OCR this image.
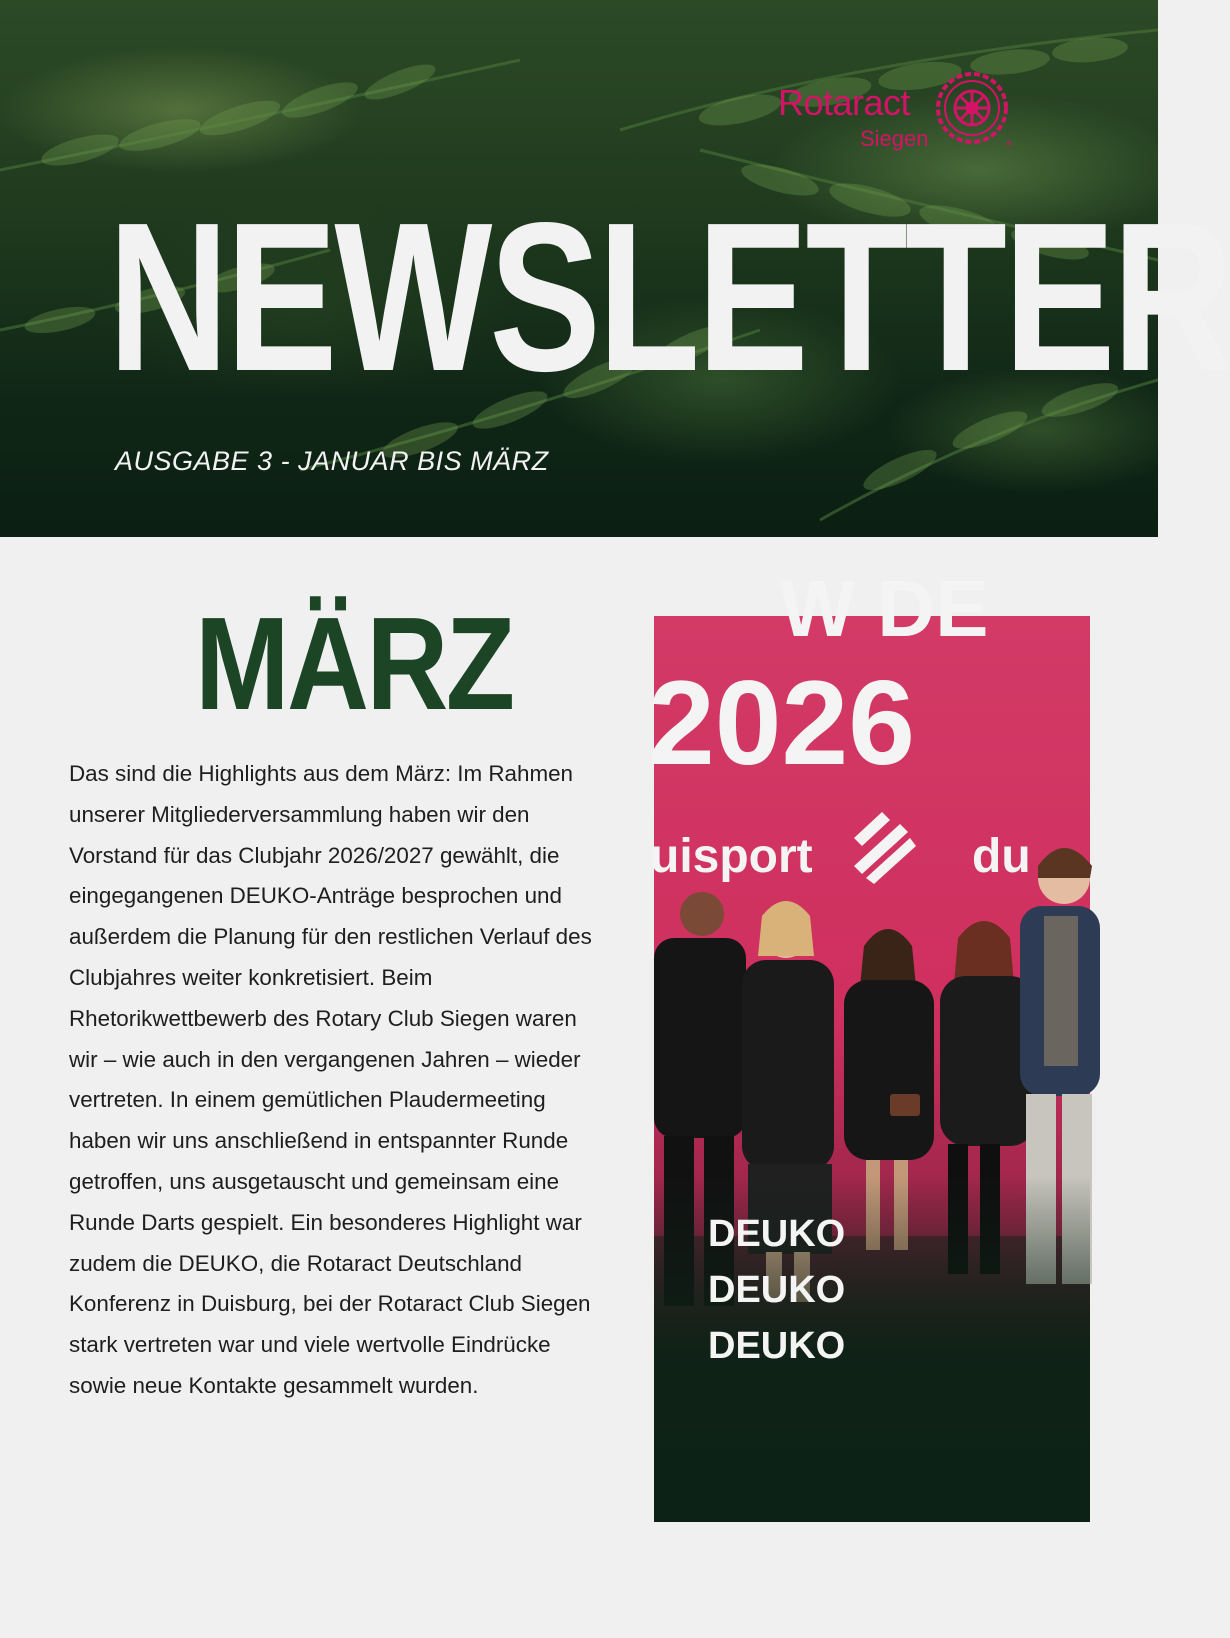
Rotaract
Siegen	®
NEWSLETTER
AUSGABE 3 - JANUAR BIS MÄRZ
MÄRZ
Das sind die Highlights aus dem März: Im Rahmen unserer Mitgliederversammlung haben wir den Vorstand für das Clubjahr 2026/2027 gewählt, die eingegangenen DEUKO-Anträge besprochen und außerdem die Planung für den restlichen Verlauf des Clubjahres weiter konkretisiert. Beim Rhetorikwettbewerb des Rotary Club Siegen waren wir – wie auch in den vergangenen Jahren – wieder vertreten. In einem gemütlichen Plaudermeeting haben wir uns anschließend in entspannter Runde getroffen, uns ausgetauscht und gemeinsam eine Runde Darts gespielt. Ein besonderes Highlight war zudem die DEUKO, die Rotaract Deutschland Konferenz in Duisburg, bei der Rotaract Club Siegen stark vertreten war und viele wertvolle Eindrücke sowie neue Kontakte gesammelt wurden.
W DE
2026
uisport	du
DEUKO
DEUKO
DEUKO
